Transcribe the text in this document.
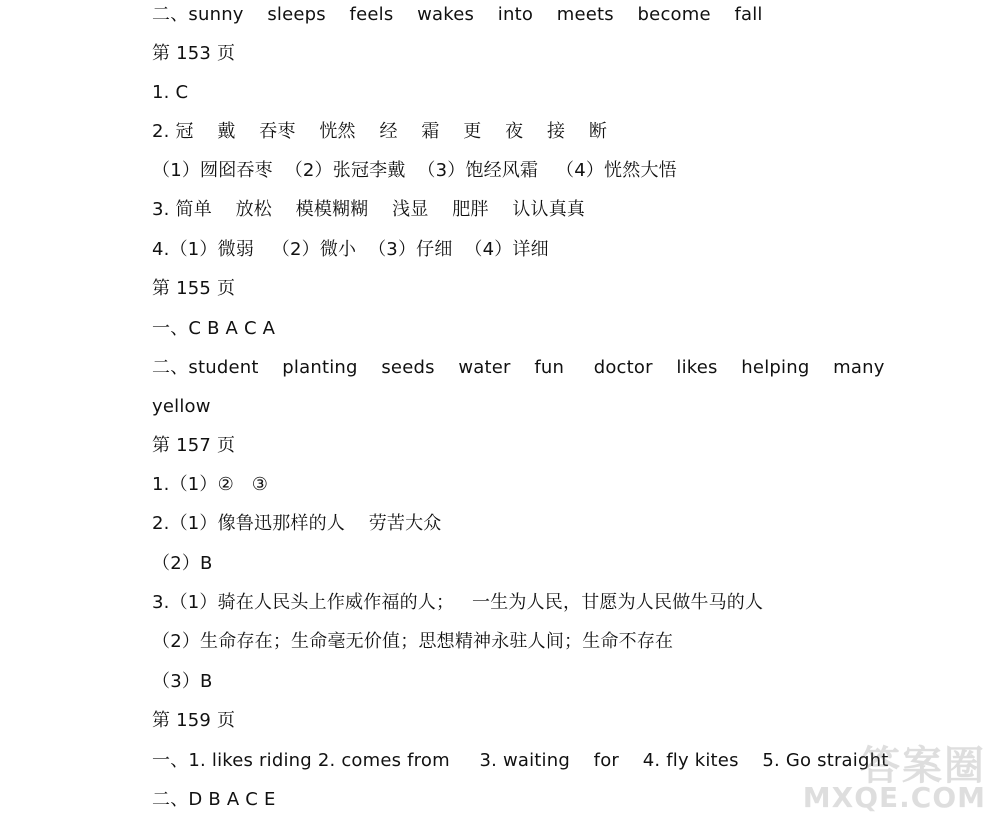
二、sunny    sleeps    feels    wakes    into    meets    become    fall
第 153 页
1. C
2. 冠    戴    吞枣    恍然    经    霜    更    夜    接    断
（1）囫囵吞枣  （2）张冠李戴  （3）饱经风霜   （4）恍然大悟
3. 简单    放松    模模糊糊    浅显    肥胖    认认真真
4.（1）微弱   （2）微小  （3）仔细  （4）详细
第 155 页
一、C B A C A
二、student    planting    seeds    water    fun     doctor    likes    helping    many
yellow
第 157 页
1.（1）②   ③
2.（1）像鲁迅那样的人    劳苦大众
（2）B
3.（1）骑在人民头上作威作福的人；   一生为人民，甘愿为人民做牛马的人
（2）生命存在；生命毫无价值；思想精神永驻人间；生命不存在
（3）B
第 159 页
一、1. likes riding 2. comes from     3. waiting    for    4. fly kites    5. Go straight
二、D B A C E
答案圈
MXQE.COM
